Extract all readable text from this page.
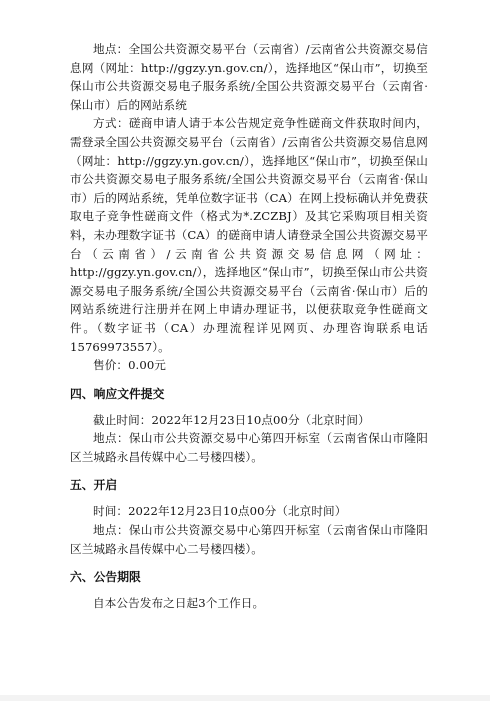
地点：全国公共资源交易平台（云南省）/云南省公共资源交易信息网（网址：http://ggzy.yn.gov.cn/），选择地区“保山市”，切换至保山市公共资源交易电子服务系统/全国公共资源交易平台（云南省·保山市）后的网站系统

方式：磋商申请人请于本公告规定竞争性磋商文件获取时间内，需登录全国公共资源交易平台（云南省）/云南省公共资源交易信息网（网址：http://ggzy.yn.gov.cn/），选择地区“保山市”，切换至保山市公共资源交易电子服务系统/全国公共资源交易平台（云南省·保山市）后的网站系统，凭单位数字证书（CA）在网上投标确认并免费获取电子竞争性磋商文件（格式为*.ZCZBJ）及其它采购项目相关资料，未办理数字证书（CA）的磋商申请人请登录全国公共资源交易平台（云南省）/云南省公共资源交易信息网（网址：http://ggzy.yn.gov.cn/），选择地区“保山市”，切换至保山市公共资源交易电子服务系统/全国公共资源交易平台（云南省·保山市）后的网站系统进行注册并在网上申请办理证书，以便获取竞争性磋商文件。（数字证书（CA）办理流程详见网页、办理咨询联系电话15769973557）。

售价：0.00元

四、响应文件提交

截止时间：2022年12月23日10点00分（北京时间）

地点：保山市公共资源交易中心第四开标室（云南省保山市隆阳区兰城路永昌传媒中心二号楼四楼）。

五、开启

时间：2022年12月23日10点00分（北京时间）

地点：保山市公共资源交易中心第四开标室（云南省保山市隆阳区兰城路永昌传媒中心二号楼四楼）。

六、公告期限

自本公告发布之日起3个工作日。
